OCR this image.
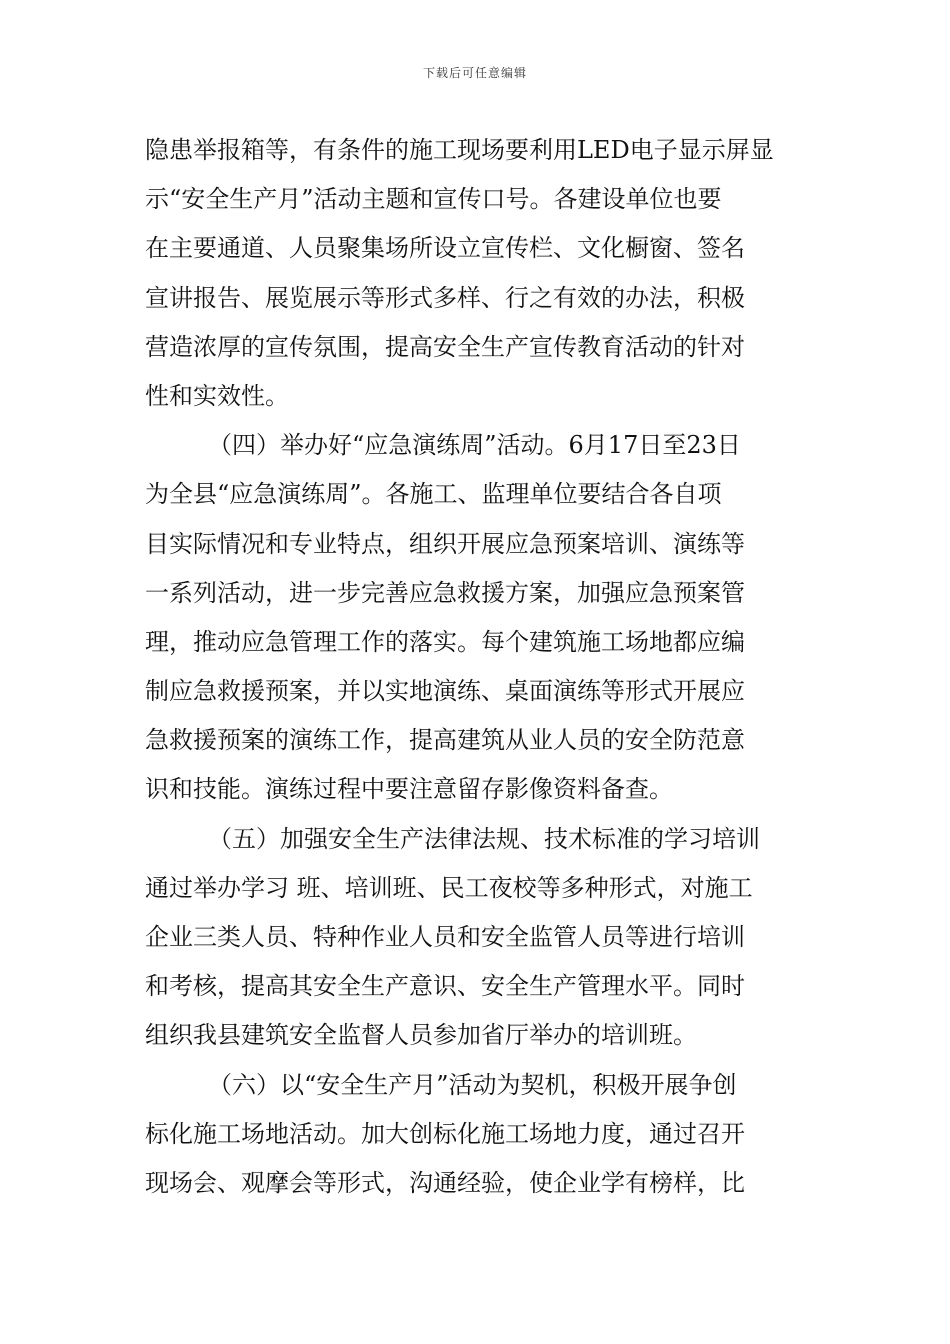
下载后可任意编辑
隐患举报箱等，有条件的施工现场要利用LED电子显示屏显
示“安全生产月”活动主题和宣传口号。各建设单位也要
在主要通道、人员聚集场所设立宣传栏、文化橱窗、签名
宣讲报告、展览展示等形式多样、行之有效的办法，积极
营造浓厚的宣传氛围，提高安全生产宣传教育活动的针对
性和实效性。
（四）举办好“应急演练周”活动。6月17日至23日
为全县“应急演练周”。各施工、监理单位要结合各自项
目实际情况和专业特点，组织开展应急预案培训、演练等
一系列活动，进一步完善应急救援方案，加强应急预案管
理，推动应急管理工作的落实。每个建筑施工场地都应编
制应急救援预案，并以实地演练、桌面演练等形式开展应
急救援预案的演练工作，提高建筑从业人员的安全防范意
识和技能。演练过程中要注意留存影像资料备查。
（五）加强安全生产法律法规、技术标准的学习培训
通过举办学习 班、培训班、民工夜校等多种形式，对施工
企业三类人员、特种作业人员和安全监管人员等进行培训
和考核，提高其安全生产意识、安全生产管理水平。同时
组织我县建筑安全监督人员参加省厅举办的培训班。
（六）以“安全生产月”活动为契机，积极开展争创
标化施工场地活动。加大创标化施工场地力度，通过召开
现场会、观摩会等形式，沟通经验，使企业学有榜样，比
